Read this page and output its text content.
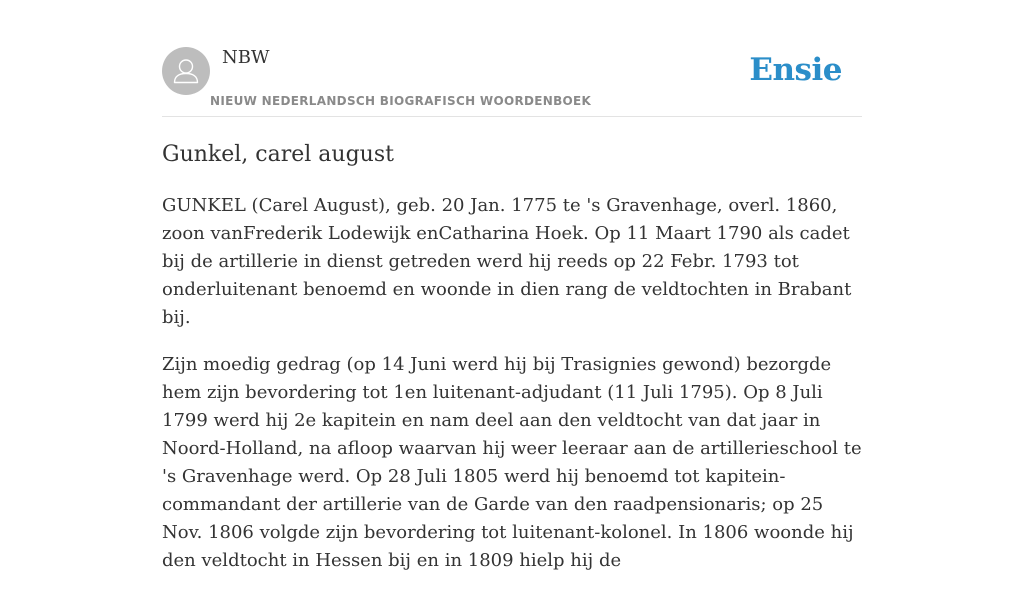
NBW
NIEUW NEDERLANDSCH BIOGRAFISCH WOORDENBOEK
Ensie
Gunkel, carel august

GUNKEL (Carel August), geb. 20 Jan. 1775 te 's Gravenhage, overl. 1860, zoon vanFrederik Lodewijk enCatharina Hoek. Op 11 Maart 1790 als cadet bij de artillerie in dienst getreden werd hij reeds op 22 Febr. 1793 tot onderluitenant benoemd en woonde in dien rang de veldtochten in Brabant bij.

Zijn moedig gedrag (op 14 Juni werd hij bij Trasignies gewond) bezorgde hem zijn bevordering tot 1en luitenant-adjudant (11 Juli 1795). Op 8 Juli 1799 werd hij 2e kapitein en nam deel aan den veldtocht van dat jaar in Noord-Holland, na afloop waarvan hij weer leeraar aan de artillerieschool te 's Gravenhage werd. Op 28 Juli 1805 werd hij benoemd tot kapitein-commandant der artillerie van de Garde van den raadpensionaris; op 25 Nov. 1806 volgde zijn bevordering tot luitenant-kolonel. In 1806 woonde hij den veldtocht in Hessen bij en in 1809 hielp hij de
